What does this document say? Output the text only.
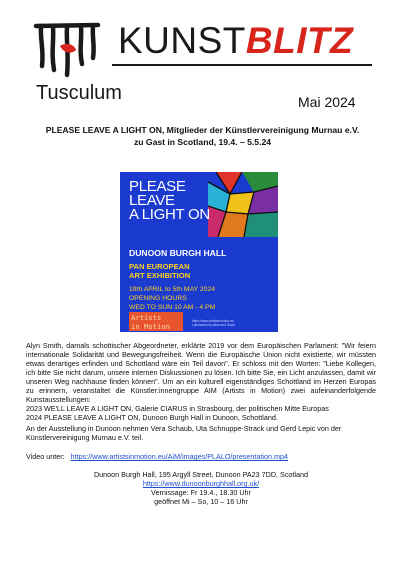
KUNSTBLITZ
Tusculum	Mai 2024
PLEASE LEAVE A LIGHT ON, Mitglieder der Künstlervereinigung Murnau e.V.
zu Gast in Scotland, 19.4. – 5.5.24
PLEASE
LEAVE
A LIGHT ON
DUNOON BURGH HALL
PAN EUROPEAN
ART EXHIBITION
19th APRIL to 5th MAY 2024
OPENING HOURS
WED TO SUN 10 AM - 4 PM
Artists
in Motion
https://www.artistsinmotion.eu
Luminance by Allan and Gavin

Alyn Smith, damals schottischer Abgeordneter, erklärte 2019 vor dem Europäischen Parlament: "Wir feiern internationale Solidarität und Bewegungsfreiheit. Wenn die Europäische Union nicht existierte, wir müssten etwas derartiges erfinden und Schottland wäre ein Teil davon". Er schloss mit den Worten: "Liebe Kollegen, ich bitte Sie nicht darum, unsere internen Diskussionen zu lösen. Ich bitte Sie, ein Licht anzulassen, damit wir unseren Weg nachhause finden können". Um an ein kulturell eigenständiges Schottland im Herzen Europas zu erinnern, veranstaltet die Künstler:innengruppe AIM (Artists in Motion) zwei aufeinanderfolgende Kunstausstellungen:

2023 WE'LL LEAVE A LIGHT ON, Galerie CIARUS in Strasbourg, der politischen Mitte Europas

2024 PLEASE LEAVE A LIGHT ON, Dunoon Burgh Hall in Dunoon, Schottland.

An der Ausstellung in Dunoon nehmen Vera Schaub, Uta Schnuppe-Strack und Gerd Lepic von der Künstlervereinigung Murnau e.V. teil.
Video unter: https://www.artistsinmotion.eu/AiM/images/PLALO/presentation.mp4
Dunoon Burgh Hall, 195 Argyll Street, Dunoon PA23 7DD, Scotland
https://www.dunoonburghhall.org.uk/
Vernissage: Fr 19.4., 18.30 Uhr
geöffnet Mi – So, 10 – 16 Uhr
